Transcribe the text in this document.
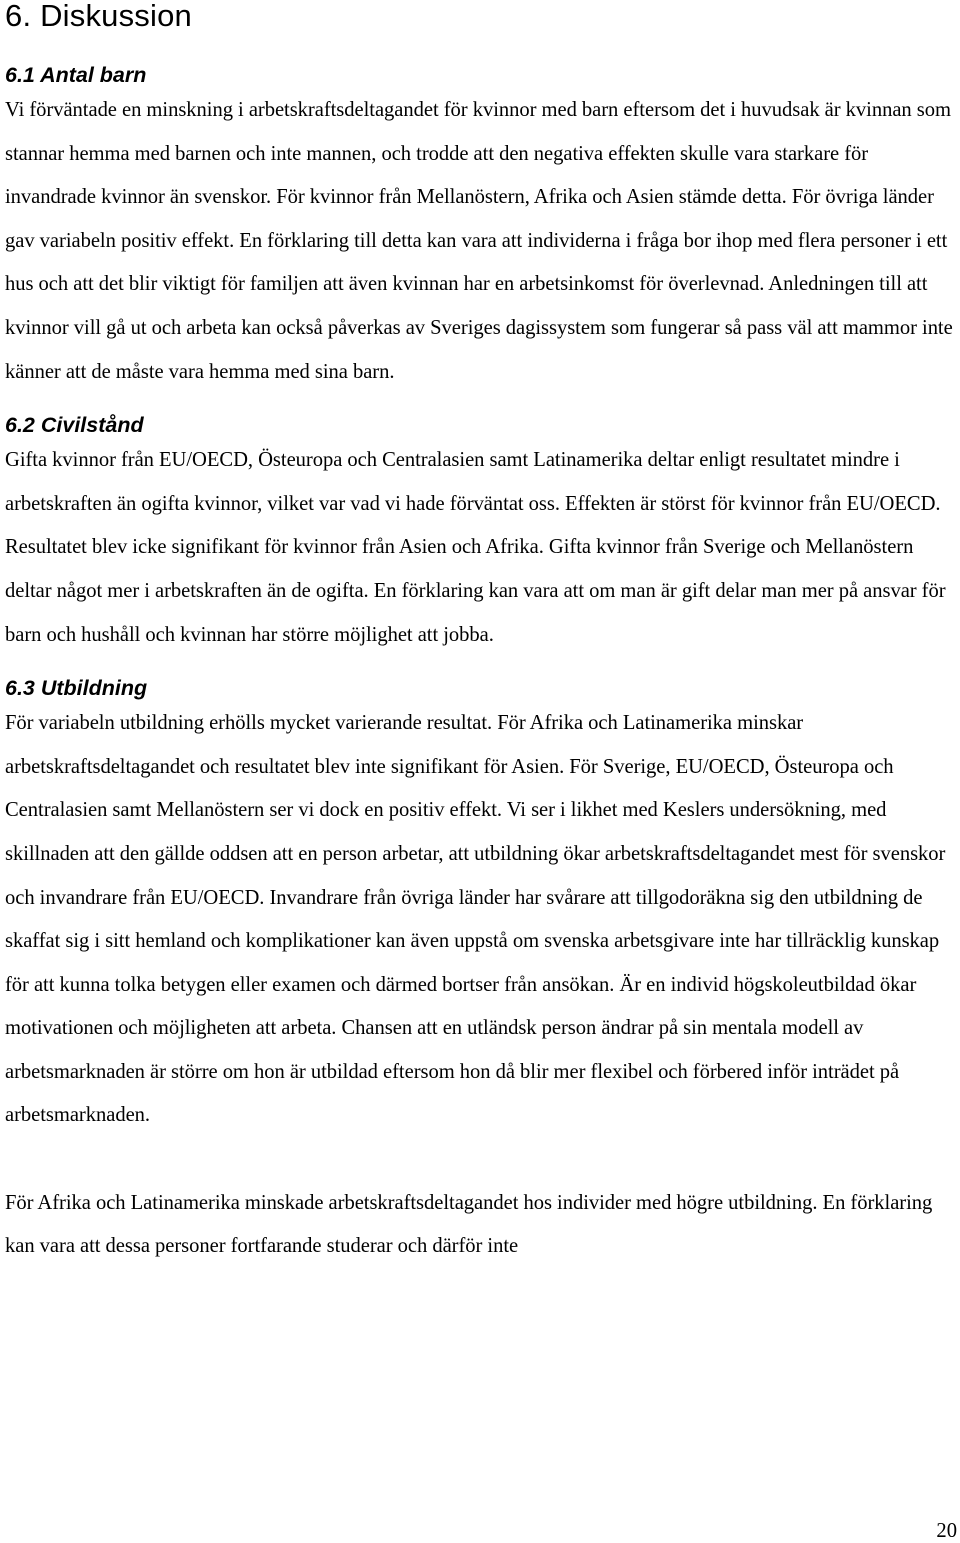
6. Diskussion
6.1 Antal barn

Vi förväntade en minskning i arbetskraftsdeltagandet för kvinnor med barn eftersom det i huvudsak är kvinnan som stannar hemma med barnen och inte mannen, och trodde att den negativa effekten skulle vara starkare för invandrade kvinnor än svenskor. För kvinnor från Mellanöstern, Afrika och Asien stämde detta. För övriga länder gav variabeln positiv effekt. En förklaring till detta kan vara att individerna i fråga bor ihop med flera personer i ett hus och att det blir viktigt för familjen att även kvinnan har en arbetsinkomst för överlevnad. Anledningen till att kvinnor vill gå ut och arbeta kan också påverkas av Sveriges dagissystem som fungerar så pass väl att mammor inte känner att de måste vara hemma med sina barn.

6.2 Civilstånd

Gifta kvinnor från EU/OECD, Östeuropa och Centralasien samt Latinamerika deltar enligt resultatet mindre i arbetskraften än ogifta kvinnor, vilket var vad vi hade förväntat oss. Effekten är störst för kvinnor från EU/OECD. Resultatet blev icke signifikant för kvinnor från Asien och Afrika. Gifta kvinnor från Sverige och Mellanöstern deltar något mer i arbetskraften än de ogifta. En förklaring kan vara att om man är gift delar man mer på ansvar för barn och hushåll och kvinnan har större möjlighet att jobba.

6.3 Utbildning

För variabeln utbildning erhölls mycket varierande resultat. För Afrika och Latinamerika minskar arbetskraftsdeltagandet och resultatet blev inte signifikant för Asien. För Sverige, EU/OECD, Östeuropa och Centralasien samt Mellanöstern ser vi dock en positiv effekt. Vi ser i likhet med Keslers undersökning, med skillnaden att den gällde oddsen att en person arbetar, att utbildning ökar arbetskraftsdeltagandet mest för svenskor och invandrare från EU/OECD. Invandrare från övriga länder har svårare att tillgodoräkna sig den utbildning de skaffat sig i sitt hemland och komplikationer kan även uppstå om svenska arbetsgivare inte har tillräcklig kunskap för att kunna tolka betygen eller examen och därmed bortser från ansökan. Är en individ högskoleutbildad ökar motivationen och möjligheten att arbeta. Chansen att en utländsk person ändrar på sin mentala modell av arbetsmarknaden är större om hon är utbildad eftersom hon då blir mer flexibel och förbered inför inträdet på arbetsmarknaden.

För Afrika och Latinamerika minskade arbetskraftsdeltagandet hos individer med högre utbildning. En förklaring kan vara att dessa personer fortfarande studerar och därför inte

20
